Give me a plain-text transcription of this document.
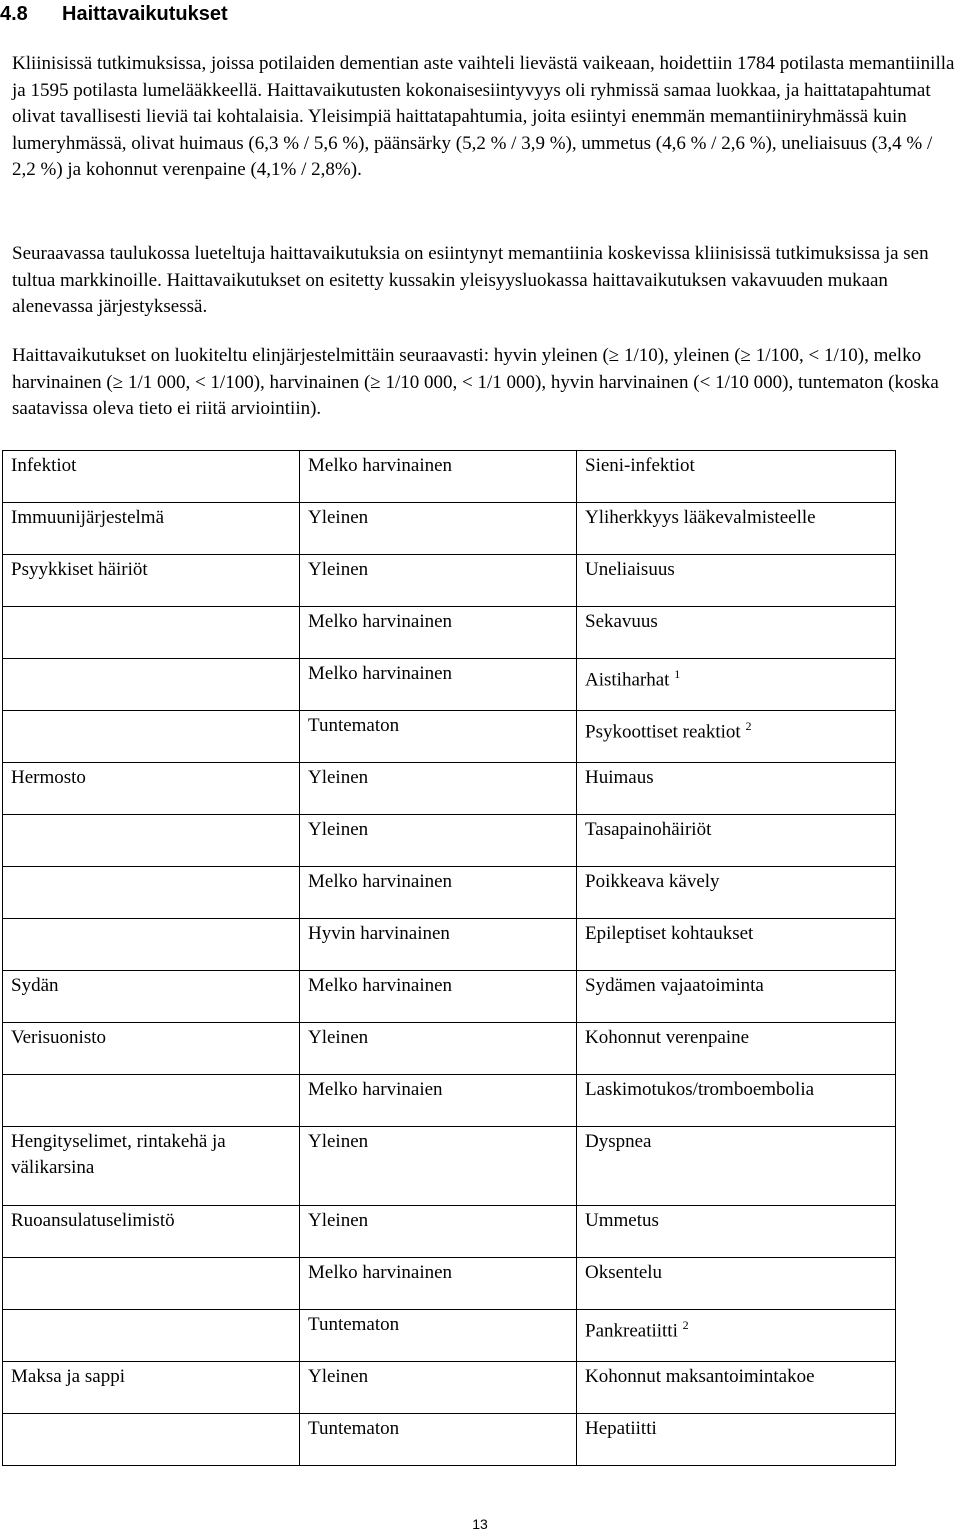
4.8 Haittavaikutukset

Kliinisissä tutkimuksissa, joissa potilaiden dementian aste vaihteli lievästä vaikeaan, hoidettiin 1784 potilasta memantiinilla ja 1595 potilasta lumelääkkeellä. Haittavaikutusten kokonaisesiintyvyys oli ryhmissä samaa luokkaa, ja haittatapahtumat olivat tavallisesti lieviä tai kohtalaisia. Yleisimpiä haittatapahtumia, joita esiintyi enemmän memantiiniryhmässä kuin lumeryhmässä, olivat huimaus (6,3 % / 5,6 %), päänsärky (5,2 % / 3,9 %), ummetus (4,6 % / 2,6 %), uneliaisuus (3,4 % / 2,2 %) ja kohonnut verenpaine (4,1% / 2,8%).

Seuraavassa taulukossa lueteltuja haittavaikutuksia on esiintynyt memantiinia koskevissa kliinisissä tutkimuksissa ja sen tultua markkinoille. Haittavaikutukset on esitetty kussakin yleisyysluokassa haittavaikutuksen vakavuuden mukaan alenevassa järjestyksessä.

Haittavaikutukset on luokiteltu elinjärjestelmittäin seuraavasti: hyvin yleinen (≥ 1/10), yleinen (≥ 1/100, < 1/10), melko harvinainen (≥ 1/1 000, < 1/100), harvinainen (≥ 1/10 000, < 1/1 000), hyvin harvinainen (< 1/10 000), tuntematon (koska saatavissa oleva tieto ei riitä arviointiin).

Infektiot	Melko harvinainen	Sieni-infektiot
Immuunijärjestelmä	Yleinen	Yliherkkyys lääkevalmisteelle
Psyykkiset häiriöt	Yleinen	Uneliaisuus
	Melko harvinainen	Sekavuus
	Melko harvinainen	Aistiharhat $^1$
	Tuntematon	Psykoottiset reaktiot $^2$
Hermosto	Yleinen	Huimaus
	Yleinen	Tasapainohäiriöt
	Melko harvinainen	Poikkeava kävely
	Hyvin harvinainen	Epileptiset kohtaukset
Sydän	Melko harvinainen	Sydämen vajaatoiminta
Verisuonisto	Yleinen	Kohonnut verenpaine
	Melko harvinaien	Laskimotukos/tromboembolia
Hengityselimet, rintakehä ja välikarsina	Yleinen	Dyspnea
Ruoansulatuselimistö	Yleinen	Ummetus
	Melko harvinainen	Oksentelu
	Tuntematon	Pankreatiitti $^2$
Maksa ja sappi	Yleinen	Kohonnut maksantoimintakoe
	Tuntematon	Hepatiitti
13
